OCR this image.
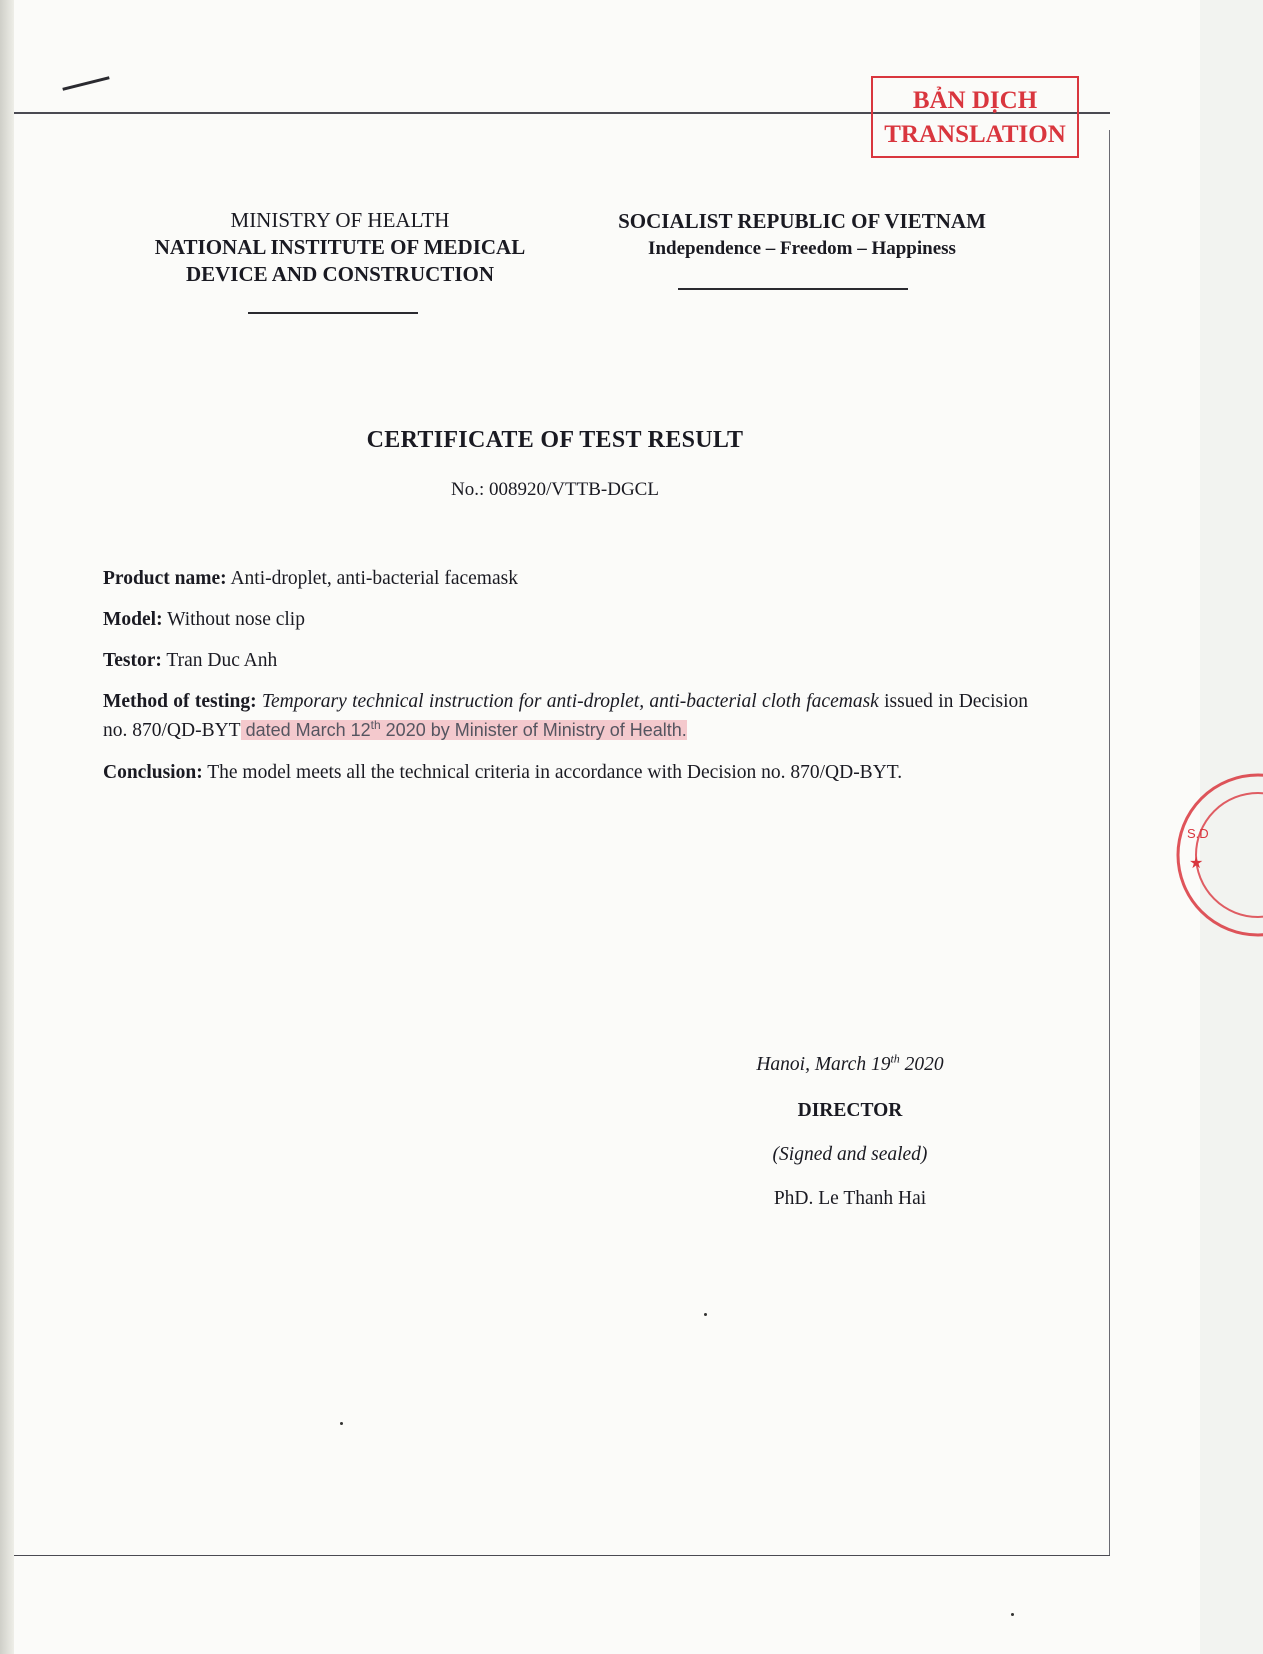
BẢN DỊCH
TRANSLATION
MINISTRY OF HEALTH
NATIONAL INSTITUTE OF MEDICAL
DEVICE AND CONSTRUCTION
SOCIALIST REPUBLIC OF VIETNAM
Independence – Freedom – Happiness
CERTIFICATE OF TEST RESULT
No.: 008920/VTTB-DGCL
Product name: Anti-droplet, anti-bacterial facemask
Model: Without nose clip
Testor: Tran Duc Anh
Method of testing: Temporary technical instruction for anti-droplet, anti-bacterial cloth facemask issued in Decision no. 870/QD-BYT dated March 12th 2020 by Minister of Ministry of Health.
Conclusion: The model meets all the technical criteria in accordance with Decision no. 870/QD-BYT.
Hanoi, March 19th 2020
DIRECTOR
(Signed and sealed)
PhD. Le Thanh Hai
S.D
★
